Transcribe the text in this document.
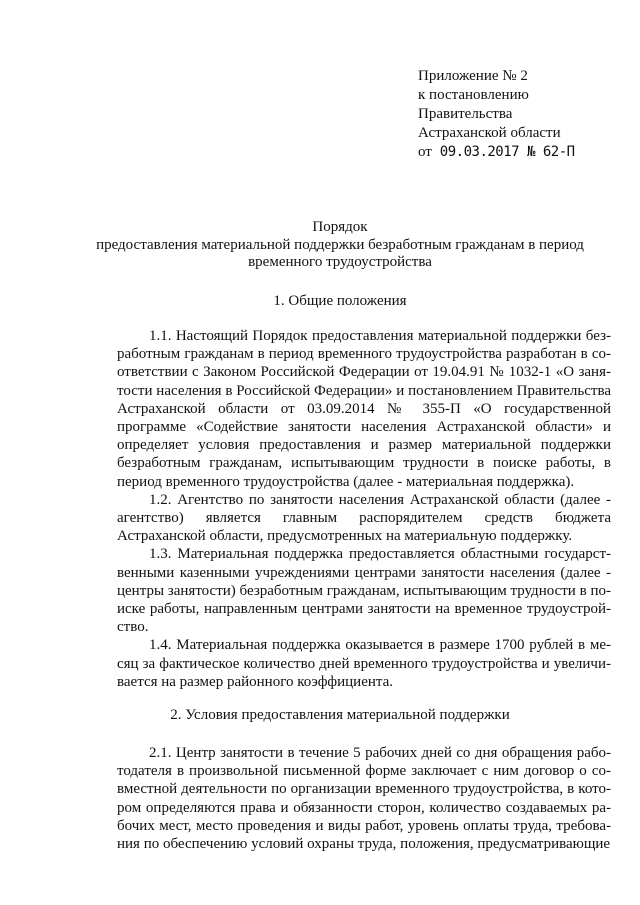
Приложение № 2
к постановлению
Правительства
Астраханской области
от 09.03.2017 № 62-П
Порядок
предоставления материальной поддержки безработным гражданам в период
временного трудоустройства
1. Общие положения

1.1. Настоящий Порядок предоставления материальной поддержки безработным гражданам в период временного трудоустройства разработан в соответствии с Законом Российской Федерации от 19.04.91 № 1032-1 «О занятости населения в Российской Федерации» и постановлением Правительства Астраханской области от 03.09.2014 № 355-П «О государственной программе «Содействие занятости населения Астраханской области» и определяет условия предоставления и размер материальной поддержки безработным гражданам, испытывающим трудности в поиске работы, в период временного трудоустройства (далее - материальная поддержка).

1.2. Агентство по занятости населения Астраханской области (далее - агентство) является главным распорядителем средств бюджета Астраханской области, предусмотренных на материальную поддержку.

1.3. Материальная поддержка предоставляется областными государственными казенными учреждениями центрами занятости населения (далее - центры занятости) безработным гражданам, испытывающим трудности в поиске работы, направленным центрами занятости на временное трудоустройство.

1.4. Материальная поддержка оказывается в размере 1700 рублей в месяц за фактическое количество дней временного трудоустройства и увеличивается на размер районного коэффициента.

2. Условия предоставления материальной поддержки

2.1. Центр занятости в течение 5 рабочих дней со дня обращения работодателя в произвольной письменной форме заключает с ним договор о совместной деятельности по организации временного трудоустройства, в котором определяются права и обязанности сторон, количество создаваемых рабочих мест, место проведения и виды работ, уровень оплаты труда, требования по обеспечению условий охраны труда, положения, предусматривающие
